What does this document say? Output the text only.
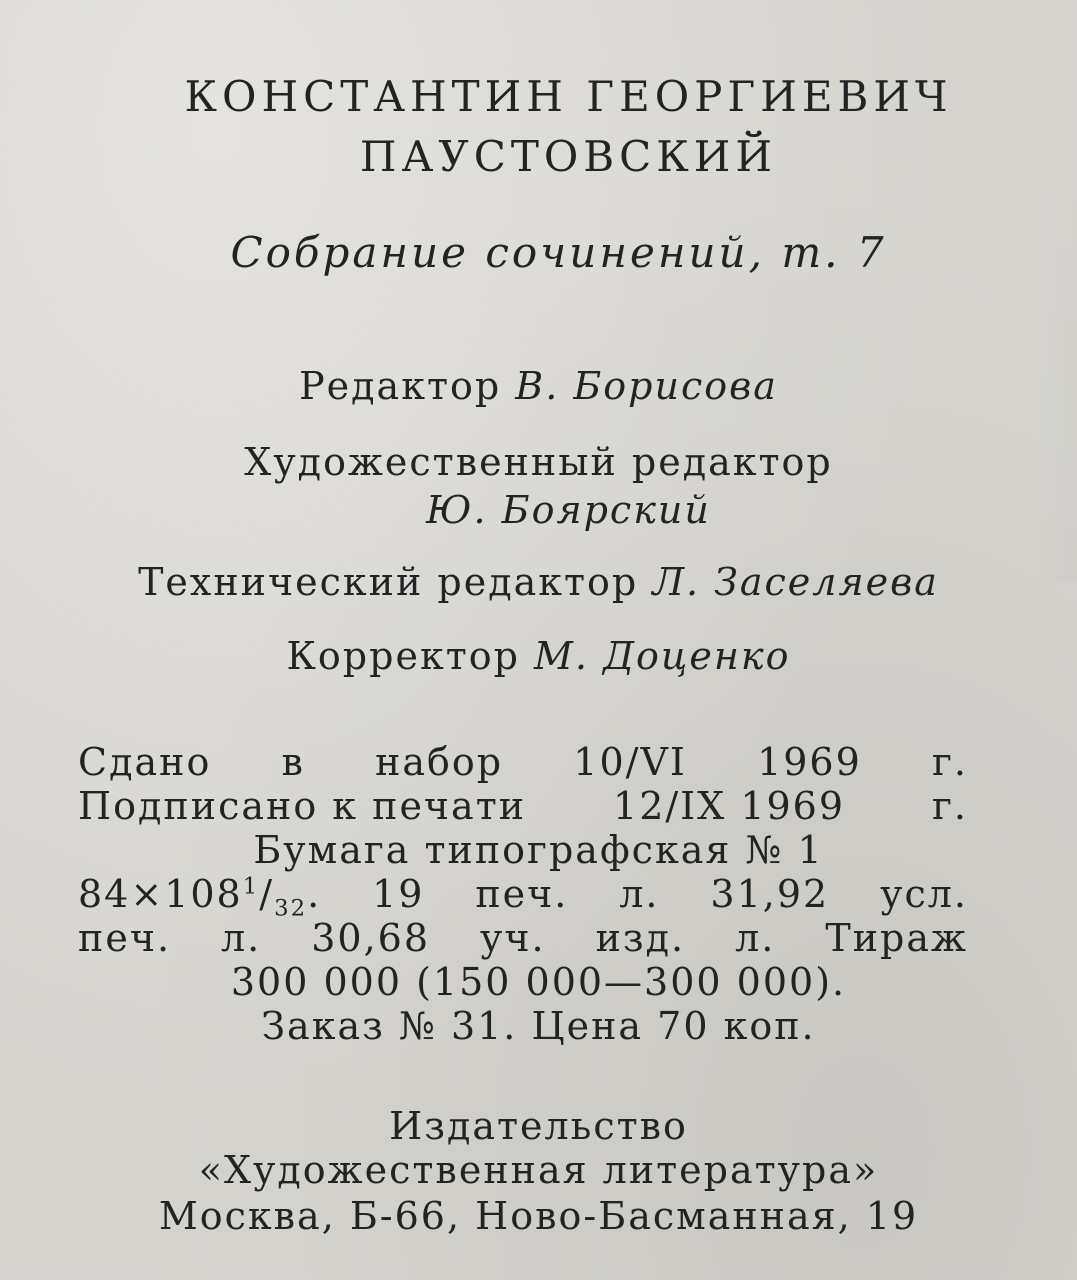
КОНСТАНТИН ГЕОРГИЕВИЧ
ПАУСТОВСКИЙ
Собрание сочинений, т. 7
Редактор В. Борисова
Художественный редактор
Ю. Боярский
Технический редактор Л. Заселяева
Корректор М. Доценко
Сдано в набор 10/VI 1969 г.
Подписано к печати 12/IX 1969 г.
Бумага типографская № 1
$84\times 108^1/_{32}$. 19 печ. л. 31,92 усл.
печ. л. 30,68 уч. изд. л. Тираж
300 000 (150 000—300 000).
Заказ № 31. Цена 70 коп.
Издательство
«Художественная литература»
Москва, Б-66, Ново-Басманная, 19
